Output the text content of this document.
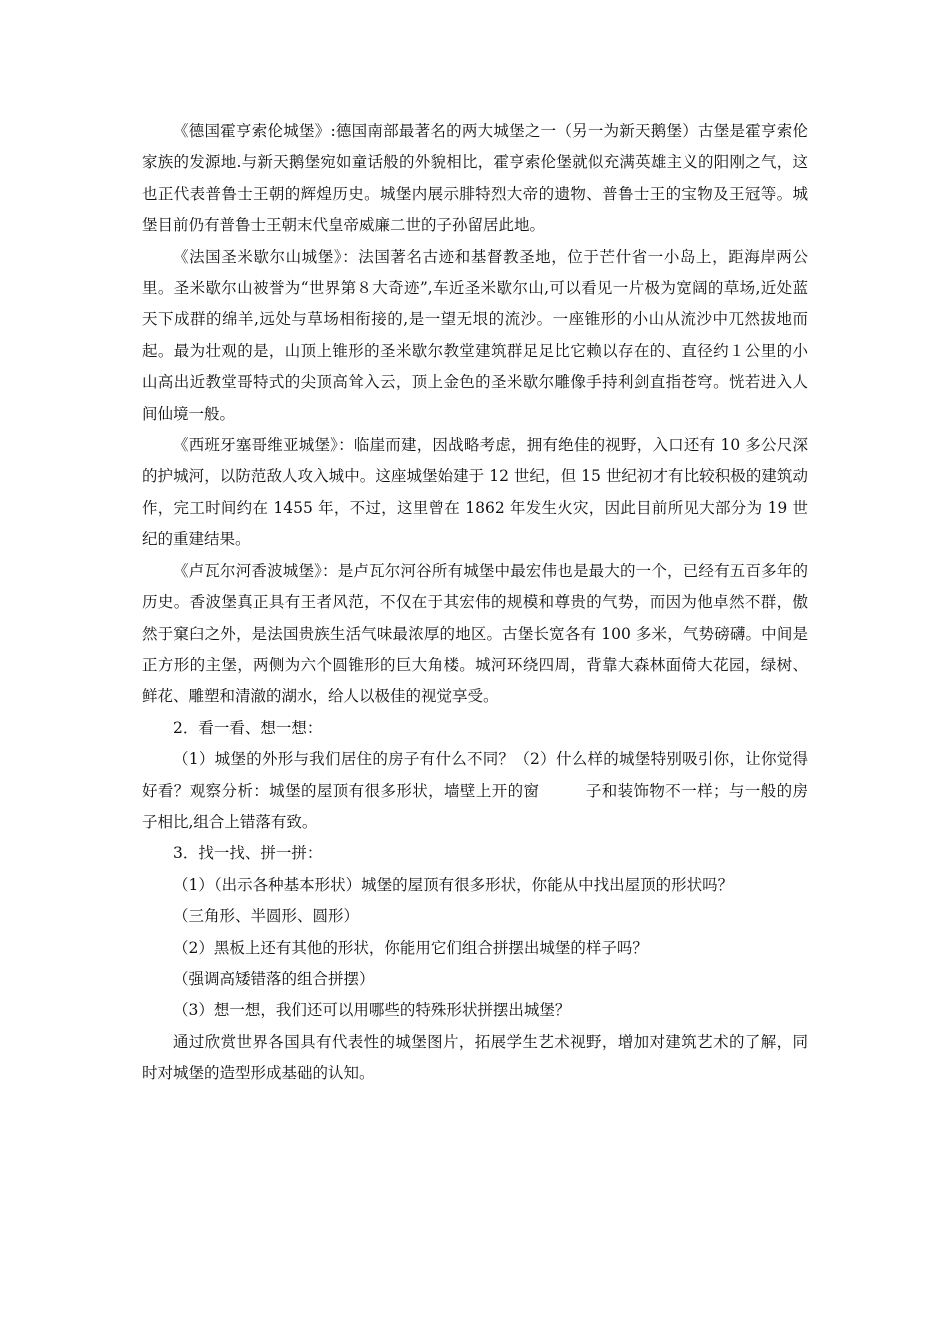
《德国霍亨索伦城堡》:德国南部最著名的两大城堡之一（另一为新天鹅堡）古堡是霍亨索伦家族的发源地.与新天鹅堡宛如童话般的外貌相比，霍亨索伦堡就似充满英雄主义的阳刚之气，这也正代表普鲁士王朝的辉煌历史。城堡内展示腓特烈大帝的遗物、普鲁士王的宝物及王冠等。城堡目前仍有普鲁士王朝末代皇帝威廉二世的子孙留居此地。

《法国圣米歇尔山城堡》：法国著名古迹和基督教圣地，位于芒什省一小岛上，距海岸两公里。圣米歇尔山被誉为“世界第８大奇迹”,车近圣米歇尔山,可以看见一片极为宽阔的草场,近处蓝天下成群的绵羊,远处与草场相衔接的,是一望无垠的流沙。一座锥形的小山从流沙中兀然拔地而起。最为壮观的是，山顶上锥形的圣米歇尔教堂建筑群足足比它赖以存在的、直径约１公里的小山高出近教堂哥特式的尖顶高耸入云，顶上金色的圣米歇尔雕像手持利剑直指苍穹。恍若进入人间仙境一般。

《西班牙塞哥维亚城堡》：临崖而建，因战略考虑，拥有绝佳的视野，入口还有 10 多公尺深的护城河，以防范敌人攻入城中。这座城堡始建于 12 世纪，但 15 世纪初才有比较积极的建筑动作，完工时间约在 1455 年，不过，这里曾在 1862 年发生火灾，因此目前所见大部分为 19 世纪的重建结果。

《卢瓦尔河香波城堡》：是卢瓦尔河谷所有城堡中最宏伟也是最大的一个，已经有五百多年的历史。香波堡真正具有王者风范，不仅在于其宏伟的规模和尊贵的气势，而因为他卓然不群，傲然于窠臼之外，是法国贵族生活气味最浓厚的地区。古堡长宽各有 100 多米，气势磅礴。中间是正方形的主堡，两侧为六个圆锥形的巨大角楼。城河环绕四周，背靠大森林面倚大花园，绿树、鲜花、雕塑和清澈的湖水，给人以极佳的视觉享受。

2．看一看、想一想：

（1）城堡的外形与我们居住的房子有什么不同？（2）什么样的城堡特别吸引你，让你觉得好看？观察分析：城堡的屋顶有很多形状，墙壁上开的窗	子和装饰物不一样；与一般的房子相比,组合上错落有致。

3．找一找、拼一拼：

（1）（出示各种基本形状）城堡的屋顶有很多形状，你能从中找出屋顶的形状吗？

（三角形、半圆形、圆形）

（2）黑板上还有其他的形状，你能用它们组合拼摆出城堡的样子吗？

（强调高矮错落的组合拼摆）

（3）想一想，我们还可以用哪些的特殊形状拼摆出城堡？

通过欣赏世界各国具有代表性的城堡图片，拓展学生艺术视野，增加对建筑艺术的了解，同时对城堡的造型形成基础的认知。
